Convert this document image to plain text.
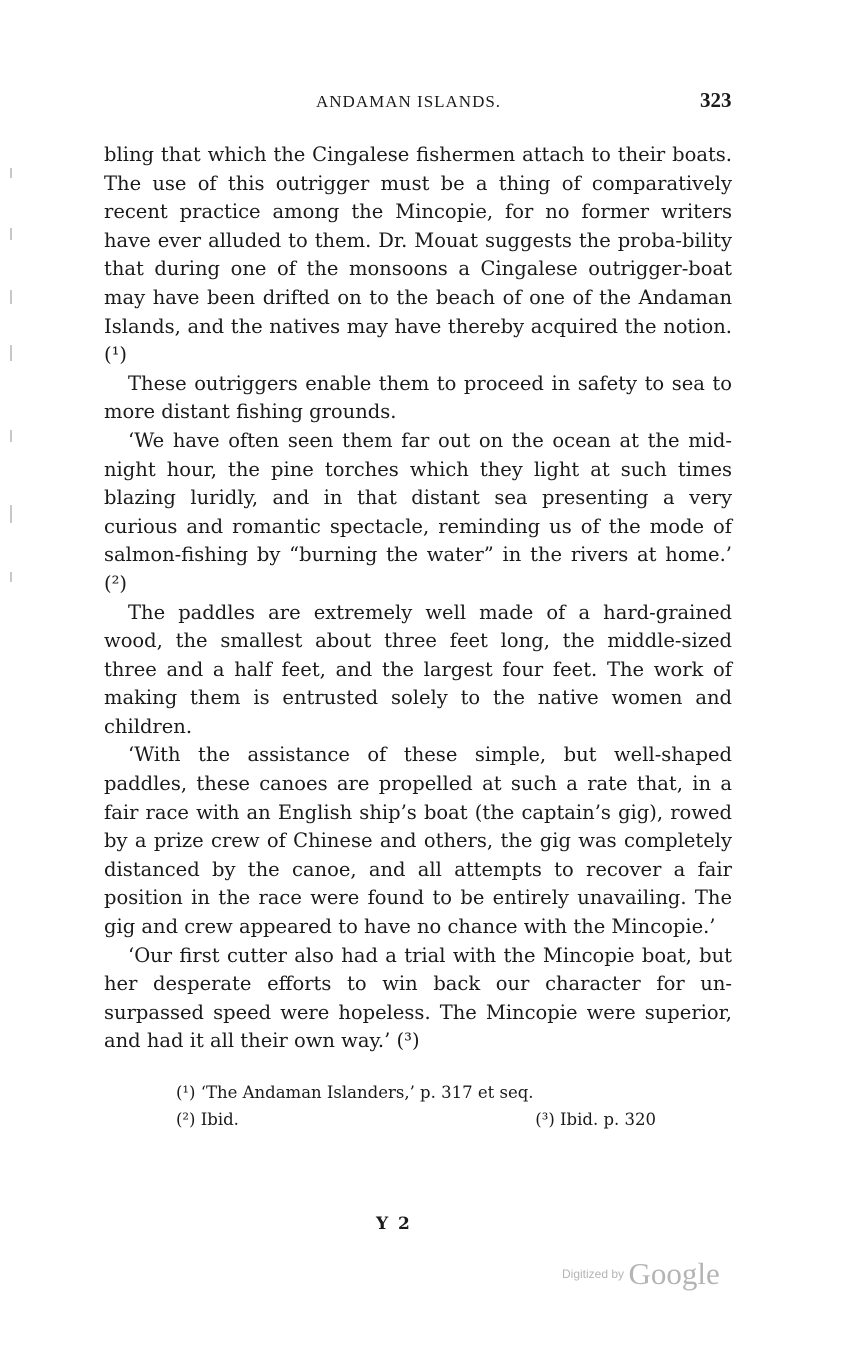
ANDAMAN ISLANDS.	323

bling that which the Cingalese fishermen attach to their boats. The use of this outrigger must be a thing of comparatively recent practice among the Mincopie, for no former writers have ever alluded to them. Dr. Mouat suggests the proba-bility that during one of the monsoons a Cingalese outrigger-boat may have been drifted on to the beach of one of the Andaman Islands, and the natives may have thereby acquired the notion. (¹)

These outriggers enable them to proceed in safety to sea to more distant fishing grounds.

‘We have often seen them far out on the ocean at the mid-night hour, the pine torches which they light at such times blazing luridly, and in that distant sea presenting a very curious and romantic spectacle, reminding us of the mode of salmon-fishing by “burning the water” in the rivers at home.’ (²)

The paddles are extremely well made of a hard-grained wood, the smallest about three feet long, the middle-sized three and a half feet, and the largest four feet. The work of making them is entrusted solely to the native women and children.

‘With the assistance of these simple, but well-shaped paddles, these canoes are propelled at such a rate that, in a fair race with an English ship’s boat (the captain’s gig), rowed by a prize crew of Chinese and others, the gig was completely distanced by the canoe, and all attempts to recover a fair position in the race were found to be entirely unavailing. The gig and crew appeared to have no chance with the Mincopie.’

‘Our first cutter also had a trial with the Mincopie boat, but her desperate efforts to win back our character for un-surpassed speed were hopeless. The Mincopie were superior, and had it all their own way.’ (³)

(¹) ‘The Andaman Islanders,’ p. 317 et seq.
(²) Ibid.	(³) Ibid. p. 320
Y 2
Digitized by Google
